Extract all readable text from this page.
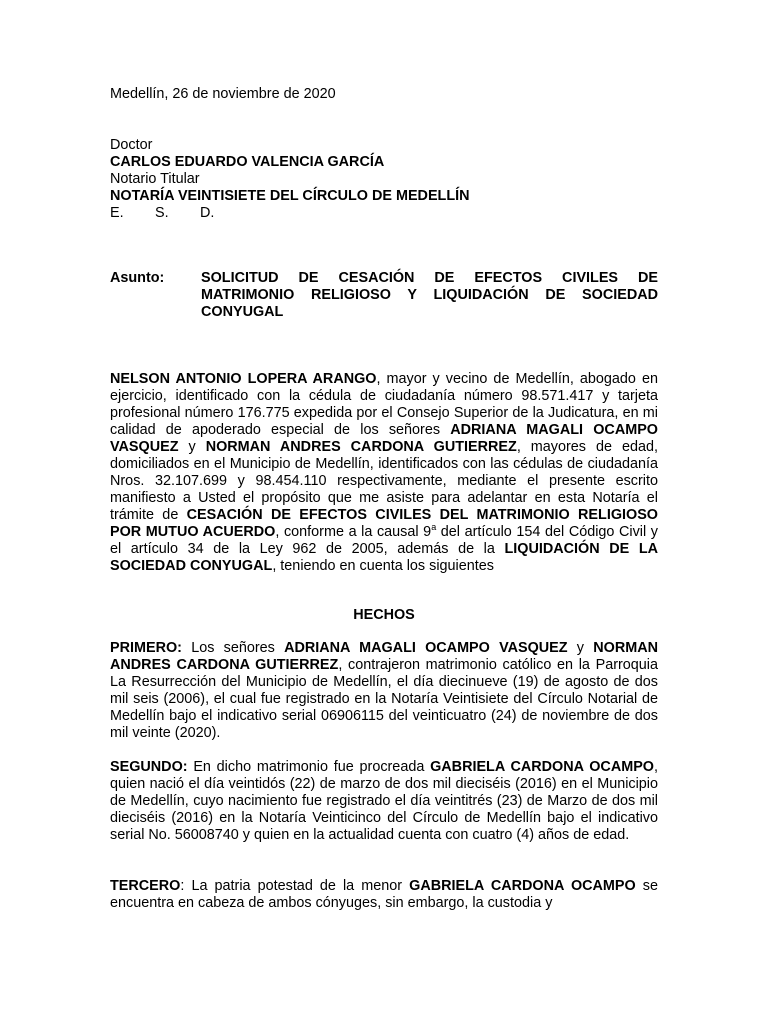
Medellín, 26 de noviembre de 2020
Doctor
CARLOS EDUARDO VALENCIA GARCÍA
Notario Titular
NOTARÍA VEINTISIETE DEL CÍRCULO DE MEDELLÍN
E. S. D.
Asunto:	SOLICITUD DE CESACIÓN DE EFECTOS CIVILES DE MATRIMONIO RELIGIOSO Y LIQUIDACIÓN DE SOCIEDAD CONYUGAL

NELSON ANTONIO LOPERA ARANGO, mayor y vecino de Medellín, abogado en ejercicio, identificado con la cédula de ciudadanía número 98.571.417 y tarjeta profesional número 176.775 expedida por el Consejo Superior de la Judicatura, en mi calidad de apoderado especial de los señores ADRIANA MAGALI OCAMPO VASQUEZ y NORMAN ANDRES CARDONA GUTIERREZ, mayores de edad, domiciliados en el Municipio de Medellín, identificados con las cédulas de ciudadanía Nros. 32.107.699 y 98.454.110 respectivamente, mediante el presente escrito manifiesto a Usted el propósito que me asiste para adelantar en esta Notaría el trámite de CESACIÓN DE EFECTOS CIVILES DEL MATRIMONIO RELIGIOSO POR MUTUO ACUERDO, conforme a la causal 9$^a$ del artículo 154 del Código Civil y el artículo 34 de la Ley 962 de 2005, además de la LIQUIDACIÓN DE LA SOCIEDAD CONYUGAL, teniendo en cuenta los siguientes

HECHOS

PRIMERO: Los señores ADRIANA MAGALI OCAMPO VASQUEZ y NORMAN ANDRES CARDONA GUTIERREZ, contrajeron matrimonio católico en la Parroquia La Resurrección del Municipio de Medellín, el día diecinueve (19) de agosto de dos mil seis (2006), el cual fue registrado en la Notaría Veintisiete del Círculo Notarial de Medellín bajo el indicativo serial 06906115 del veinticuatro (24) de noviembre de dos mil veinte (2020).

SEGUNDO: En dicho matrimonio fue procreada GABRIELA CARDONA OCAMPO, quien nació el día veintidós (22) de marzo de dos mil dieciséis (2016) en el Municipio de Medellín, cuyo nacimiento fue registrado el día veintitrés (23) de Marzo de dos mil dieciséis (2016) en la Notaría Veinticinco del Círculo de Medellín bajo el indicativo serial No. 56008740 y quien en la actualidad cuenta con cuatro (4) años de edad.

TERCERO: La patria potestad de la menor GABRIELA CARDONA OCAMPO se encuentra en cabeza de ambos cónyuges, sin embargo, la custodia y
